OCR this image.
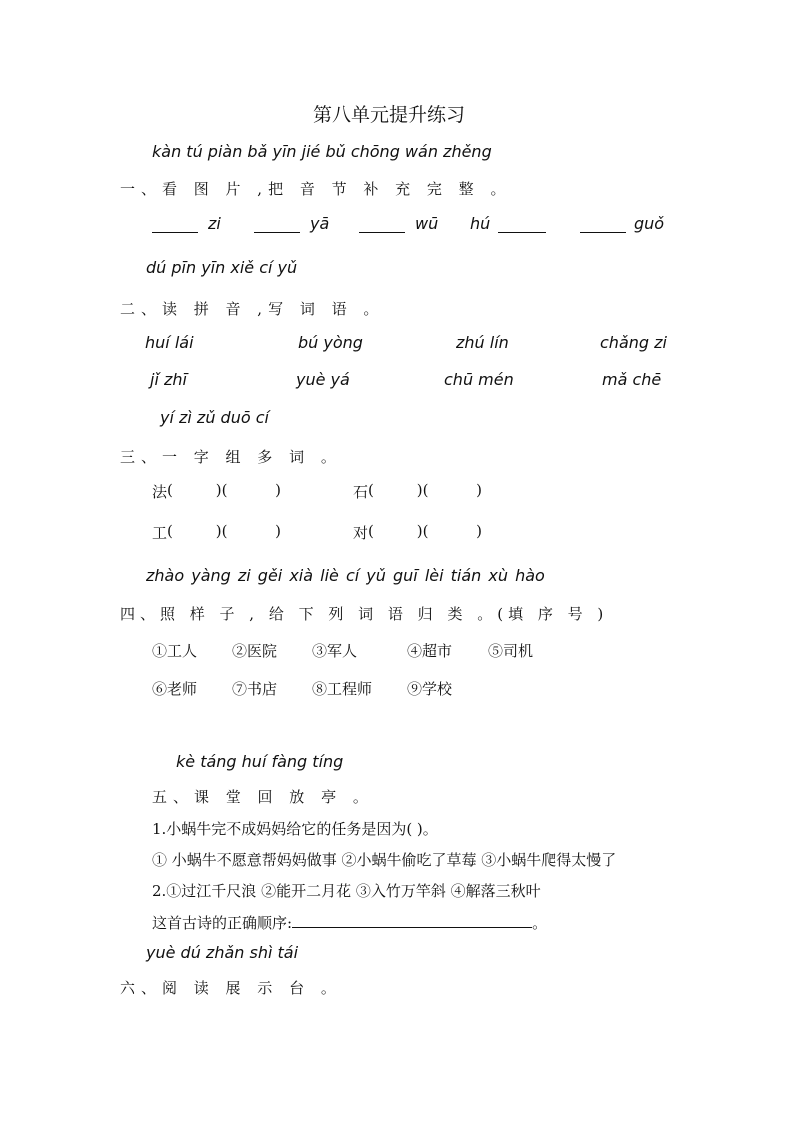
第八单元提升练习
kàn tú piàn bǎ yīn jié bǔ chōng wán zhěng
一、看 图 片 ,把 音 节 补 充 完 整 。
zi	yā	wū hú	guǒ
dú pīn yīn xiě cí yǔ
二、读 拼 音 ,写 词 语 。
huí lái	bú yòng	zhú lín	chǎng zi
jǐ zhī	yuè yá	chū mén	mǎ chē
yí zì zǔ duō cí
三、一 字 组 多 词 。
法 (         )(          )	石 (         )(          )
工 (         )(          )	对 (         )(          )
zhào yàng zi gěi xià liè cí yǔ guī lèi tián xù hào
四、照 样 子 , 给 下 列 词 语 归 类 。(填 序 号 )
①工人 ②医院 ③军人	④超市 ⑤司机
⑥老师 ⑦书店 ⑧工程师 ⑨学校
kè táng huí fàng tíng
五、课 堂 回 放 亭 。
1.小蜗牛完不成妈妈给它的任务是因为( )。
① 小蜗牛不愿意帮妈妈做事 ②小蜗牛偷吃了草莓 ③小蜗牛爬得太慢了
2.①过江千尺浪 ②能开二月花 ③入竹万竿斜 ④解落三秋叶
这首古诗的正确顺序:	。
yuè dú zhǎn shì tái
六、阅 读 展 示 台 。
